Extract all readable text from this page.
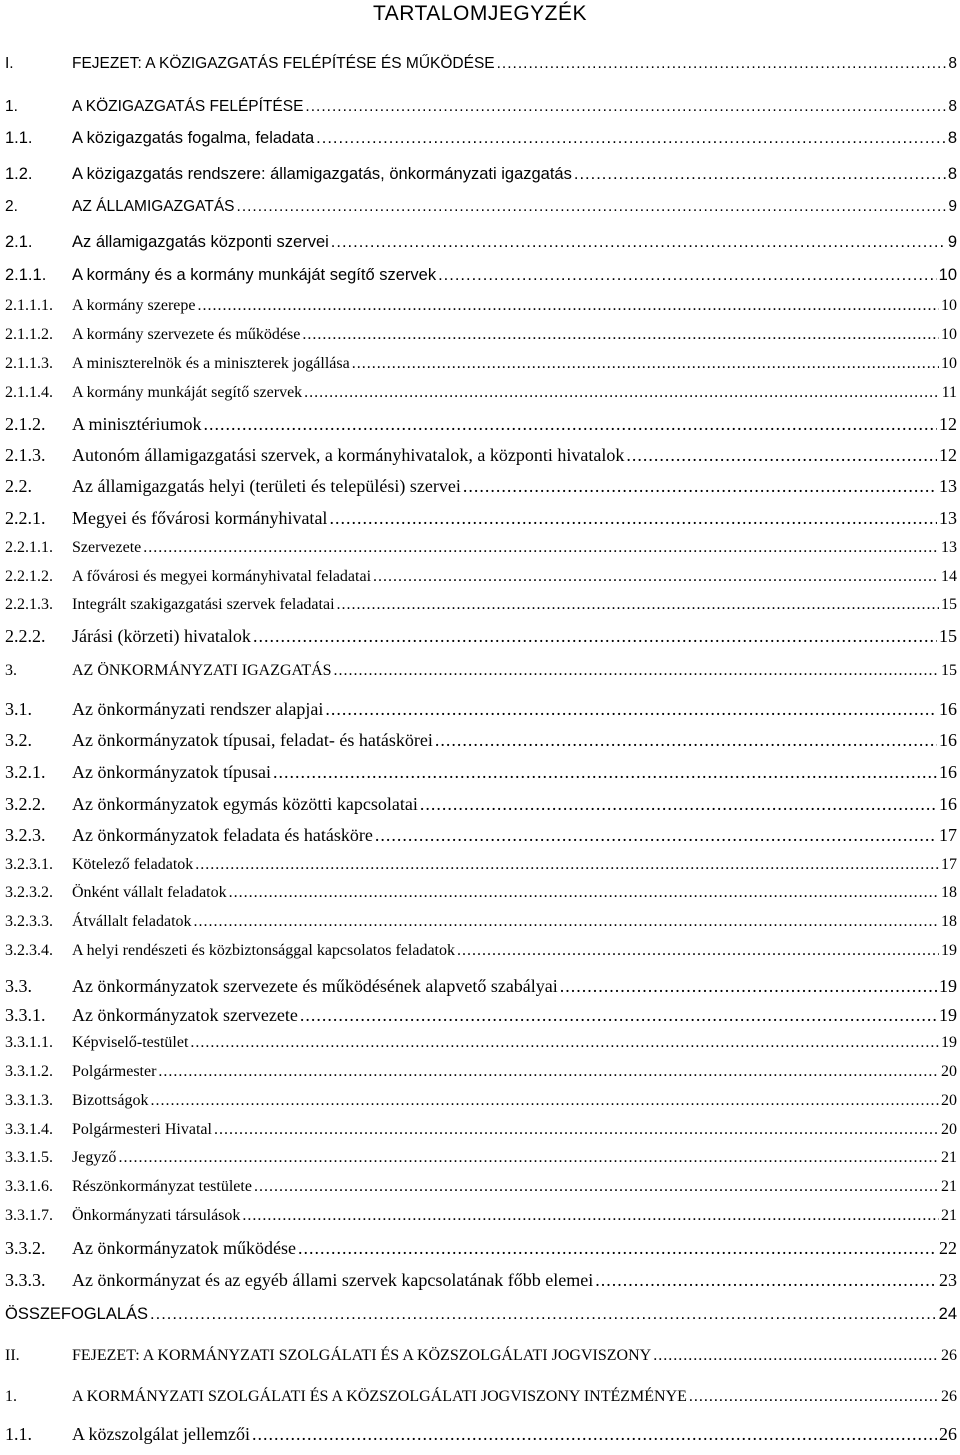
TARTALOMJEGYZÉK
I.	FEJEZET: A KÖZIGAZGATÁS FELÉPÍTÉSE ÉS MŰKÖDÉSE .....	8
1.	A KÖZIGAZGATÁS FELÉPÍTÉSE .....	8
1.1.	A közigazgatás fogalma, feladata .....	8
1.2.	A közigazgatás rendszere: államigazgatás, önkormányzati igazgatás .....	8
2.	AZ ÁLLAMIGAZGATÁS .....	9
2.1.	Az államigazgatás központi szervei .....	9
2.1.1.	A kormány és a kormány munkáját segítő szervek .....	10
2.1.1.1.	A kormány szerepe .....	10
2.1.1.2.	A kormány szervezete és működése .....	10
2.1.1.3.	A miniszterelnök és a miniszterek jogállása .....	10
2.1.1.4.	A kormány munkáját segítő szervek .....	11
2.1.2.	A minisztériumok .....	12
2.1.3.	Autonóm államigazgatási szervek, a kormányhivatalok, a központi hivatalok .....	12
2.2.	Az államigazgatás helyi (területi és települési) szervei .....	13
2.2.1.	Megyei és fővárosi kormányhivatal .....	13
2.2.1.1.	Szervezete .....	13
2.2.1.2.	A fővárosi és megyei kormányhivatal feladatai .....	14
2.2.1.3.	Integrált szakigazgatási szervek feladatai .....	15
2.2.2.	Járási (körzeti) hivatalok .....	15
3.	AZ ÖNKORMÁNYZATI IGAZGATÁS .....	15
3.1.	Az önkormányzati rendszer alapjai .....	16
3.2.	Az önkormányzatok típusai, feladat- és hatáskörei .....	16
3.2.1.	Az önkormányzatok típusai .....	16
3.2.2.	Az önkormányzatok egymás közötti kapcsolatai .....	16
3.2.3.	Az önkormányzatok feladata és hatásköre .....	17
3.2.3.1.	Kötelező feladatok .....	17
3.2.3.2.	Önként vállalt feladatok .....	18
3.2.3.3.	Átvállalt feladatok .....	18
3.2.3.4.	A helyi rendészeti és közbiztonsággal kapcsolatos feladatok .....	19
3.3.	Az önkormányzatok szervezete és működésének alapvető szabályai .....	19
3.3.1.	Az önkormányzatok szervezete .....	19
3.3.1.1.	Képviselő-testület .....	19
3.3.1.2.	Polgármester .....	20
3.3.1.3.	Bizottságok .....	20
3.3.1.4.	Polgármesteri Hivatal .....	20
3.3.1.5.	Jegyző .....	21
3.3.1.6.	Részönkormányzat testülete .....	21
3.3.1.7.	Önkormányzati társulások .....	21
3.3.2.	Az önkormányzatok működése .....	22
3.3.3.	Az önkormányzat és az egyéb állami szervek kapcsolatának főbb elemei .....	23
ÖSSZEFOGLALÁS .....	24
II.	FEJEZET: A KORMÁNYZATI SZOLGÁLATI ÉS A KÖZSZOLGÁLATI JOGVISZONY .....	26
1.	A KORMÁNYZATI SZOLGÁLATI ÉS A KÖZSZOLGÁLATI JOGVISZONY INTÉZMÉNYE .....	26
1.1.	A közszolgálat jellemzői .....	26
